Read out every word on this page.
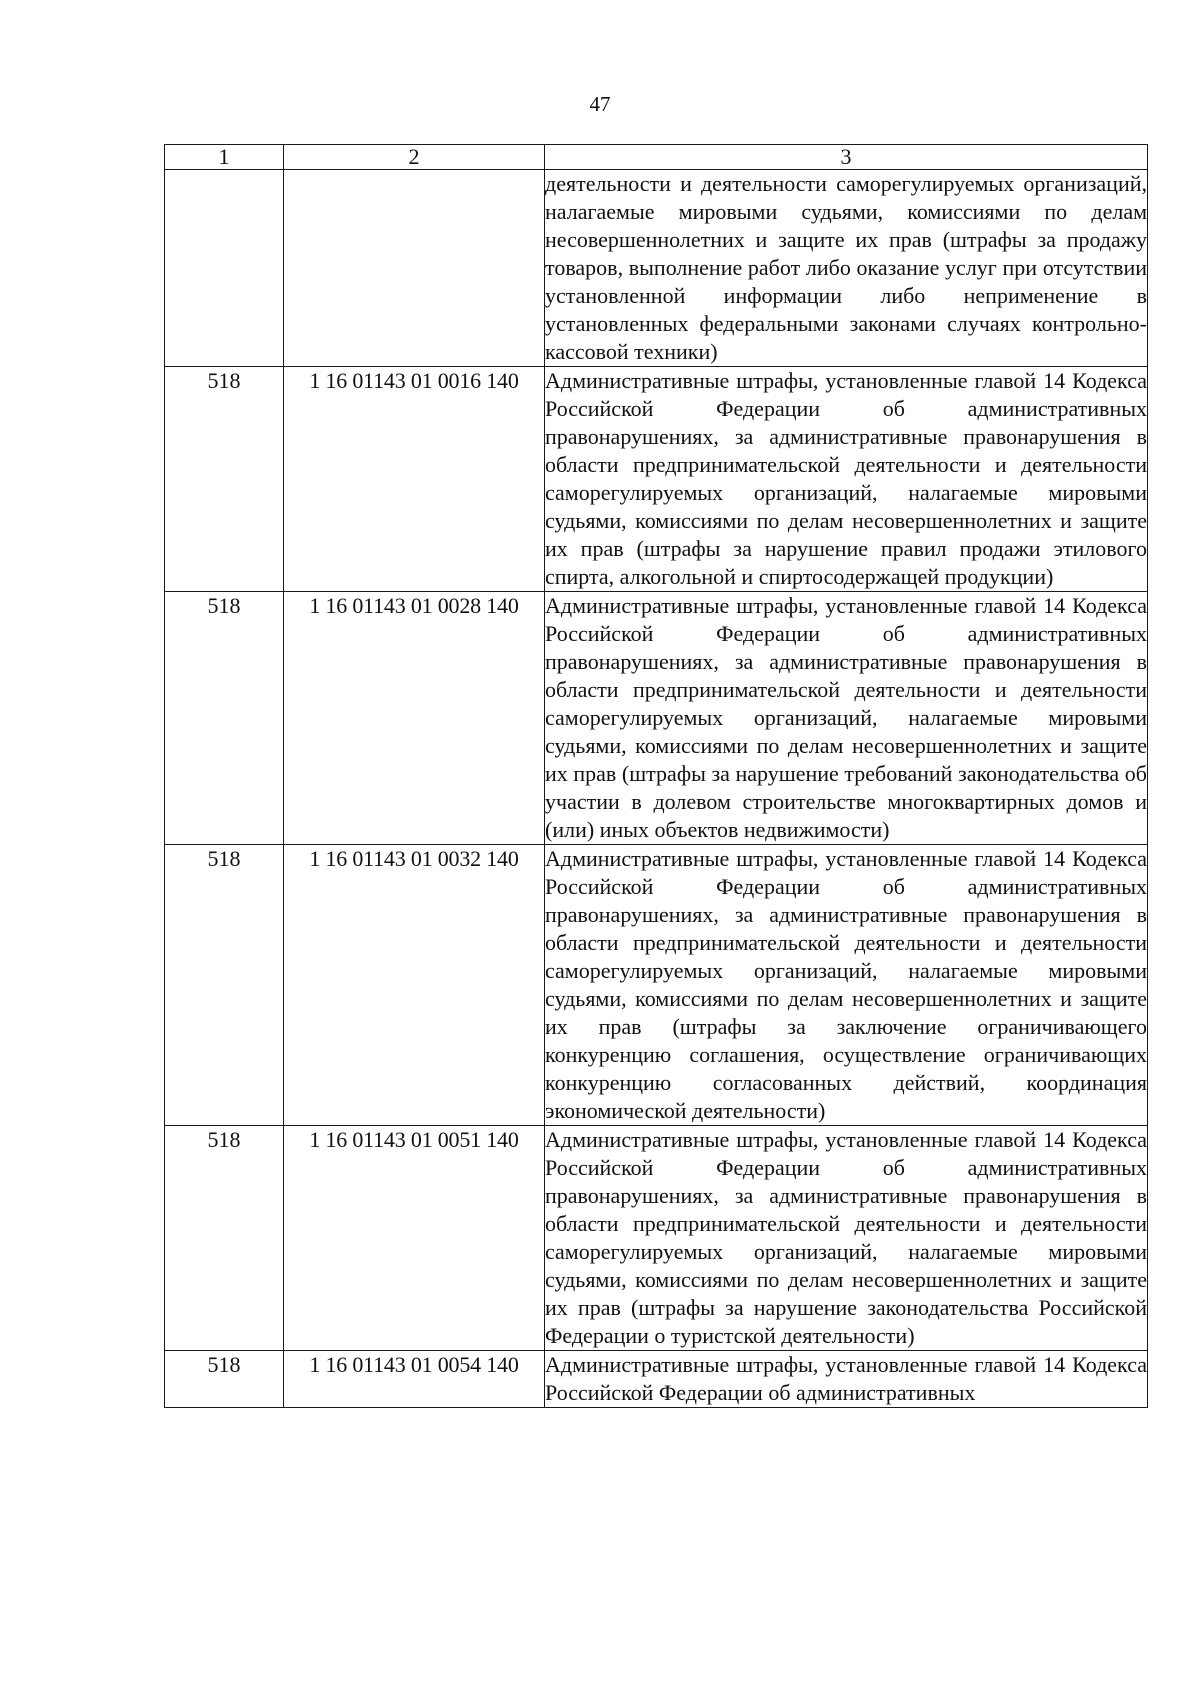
47
1	2	3
		деятельности и деятельности саморегулируемых организаций, налагаемые мировыми судьями, комиссиями по делам несовершеннолетних и защите их прав (штрафы за продажу товаров, выполнение работ либо оказание услуг при отсутствии установленной информации либо неприменение в установленных федеральными законами случаях контрольно-кассовой техники)
518	1 16 01143 01 0016 140	Административные штрафы, установленные главой 14 Кодекса Российской Федерации об административных правонарушениях, за административные правонарушения в области предпринимательской деятельности и деятельности саморегулируемых организаций, налагаемые мировыми судьями, комиссиями по делам несовершеннолетних и защите их прав (штрафы за нарушение правил продажи этилового спирта, алкогольной и спиртосодержащей продукции)
518	1 16 01143 01 0028 140	Административные штрафы, установленные главой 14 Кодекса Российской Федерации об административных правонарушениях, за административные правонарушения в области предпринимательской деятельности и деятельности саморегулируемых организаций, налагаемые мировыми судьями, комиссиями по делам несовершеннолетних и защите их прав (штрафы за нарушение требований законодательства об участии в долевом строительстве многоквартирных домов и (или) иных объектов недвижимости)
518	1 16 01143 01 0032 140	Административные штрафы, установленные главой 14 Кодекса Российской Федерации об административных правонарушениях, за административные правонарушения в области предпринимательской деятельности и деятельности саморегулируемых организаций, налагаемые мировыми судьями, комиссиями по делам несовершеннолетних и защите их прав (штрафы за заключение ограничивающего конкуренцию соглашения, осуществление ограничивающих конкуренцию согласованных действий, координация экономической деятельности)
518	1 16 01143 01 0051 140	Административные штрафы, установленные главой 14 Кодекса Российской Федерации об административных правонарушениях, за административные правонарушения в области предпринимательской деятельности и деятельности саморегулируемых организаций, налагаемые мировыми судьями, комиссиями по делам несовершеннолетних и защите их прав (штрафы за нарушение законодательства Российской Федерации о туристской деятельности)
518	1 16 01143 01 0054 140	Административные штрафы, установленные главой 14 Кодекса Российской Федерации об административных
